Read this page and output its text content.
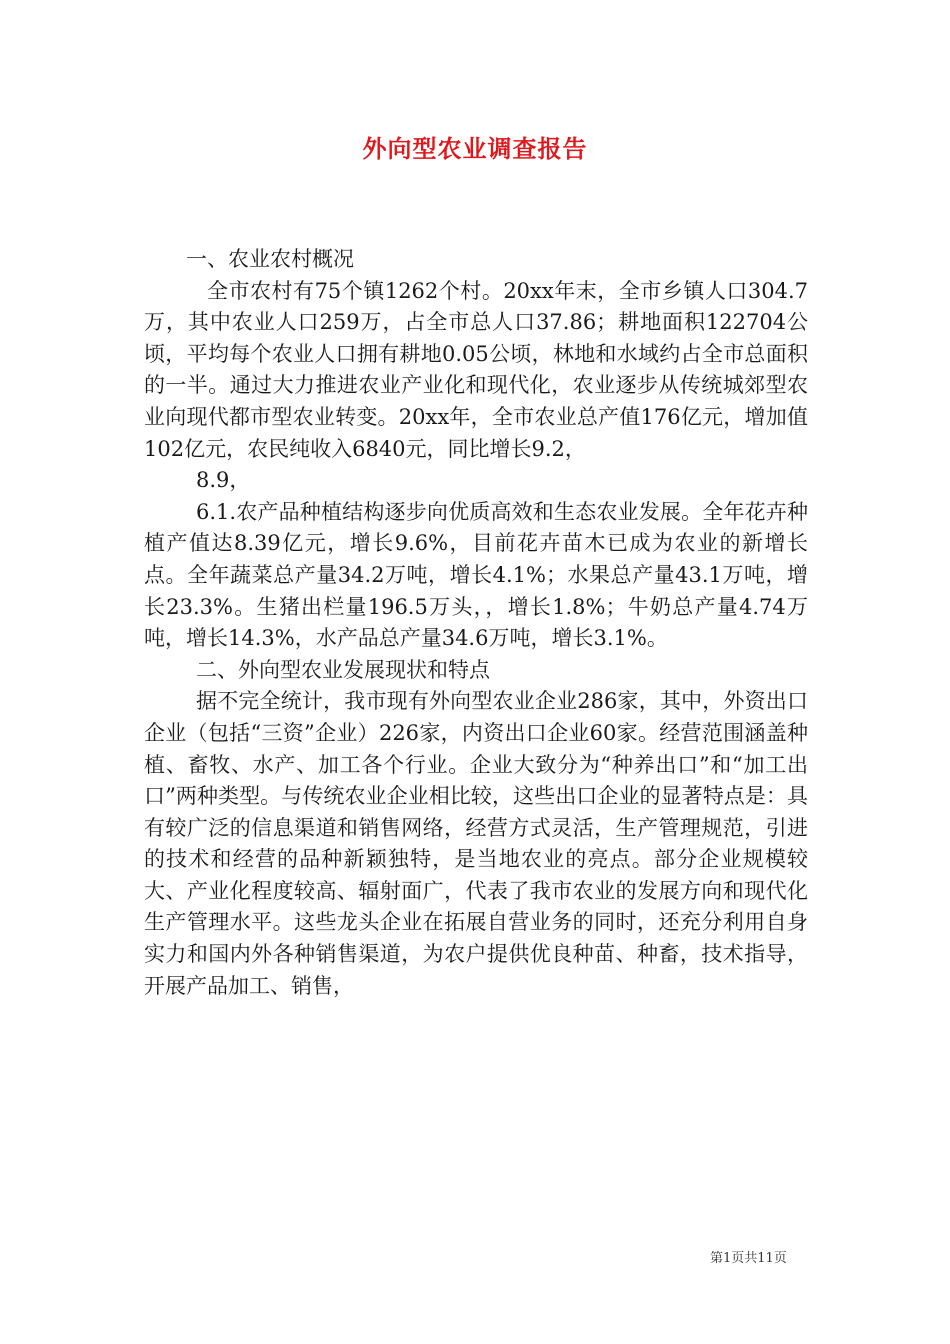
外向型农业调查报告

一、农业农村概况

全市农村有75个镇1262个村。20xx年末，全市乡镇人口304.7万，其中农业人口259万，占全市总人口37.86；耕地面积122704公顷，平均每个农业人口拥有耕地0.05公顷，林地和水域约占全市总面积的一半。通过大力推进农业产业化和现代化，农业逐步从传统城郊型农业向现代都市型农业转变。20xx年，全市农业总产值176亿元，增加值102亿元，农民纯收入6840元，同比增长9.2，

8.9，

6.1.农产品种植结构逐步向优质高效和生态农业发展。全年花卉种植产值达8.39亿元，增长9.6%，目前花卉苗木已成为农业的新增长点。全年蔬菜总产量34.2万吨，增长4.1%；水果总产量43.1万吨，增长23.3%。生猪出栏量196.5万头，，增长1.8%；牛奶总产量4.74万吨，增长14.3%，水产品总产量34.6万吨，增长3.1%。

二、外向型农业发展现状和特点

据不完全统计，我市现有外向型农业企业286家，其中，外资出口企业（包括“三资”企业）226家，内资出口企业60家。经营范围涵盖种植、畜牧、水产、加工各个行业。企业大致分为“种养出口”和“加工出口”两种类型。与传统农业企业相比较，这些出口企业的显著特点是：具有较广泛的信息渠道和销售网络，经营方式灵活，生产管理规范，引进的技术和经营的品种新颖独特，是当地农业的亮点。部分企业规模较大、产业化程度较高、辐射面广，代表了我市农业的发展方向和现代化生产管理水平。这些龙头企业在拓展自营业务的同时，还充分利用自身实力和国内外各种销售渠道，为农户提供优良种苗、种畜，技术指导，开展产品加工、销售，

第1页共11页
